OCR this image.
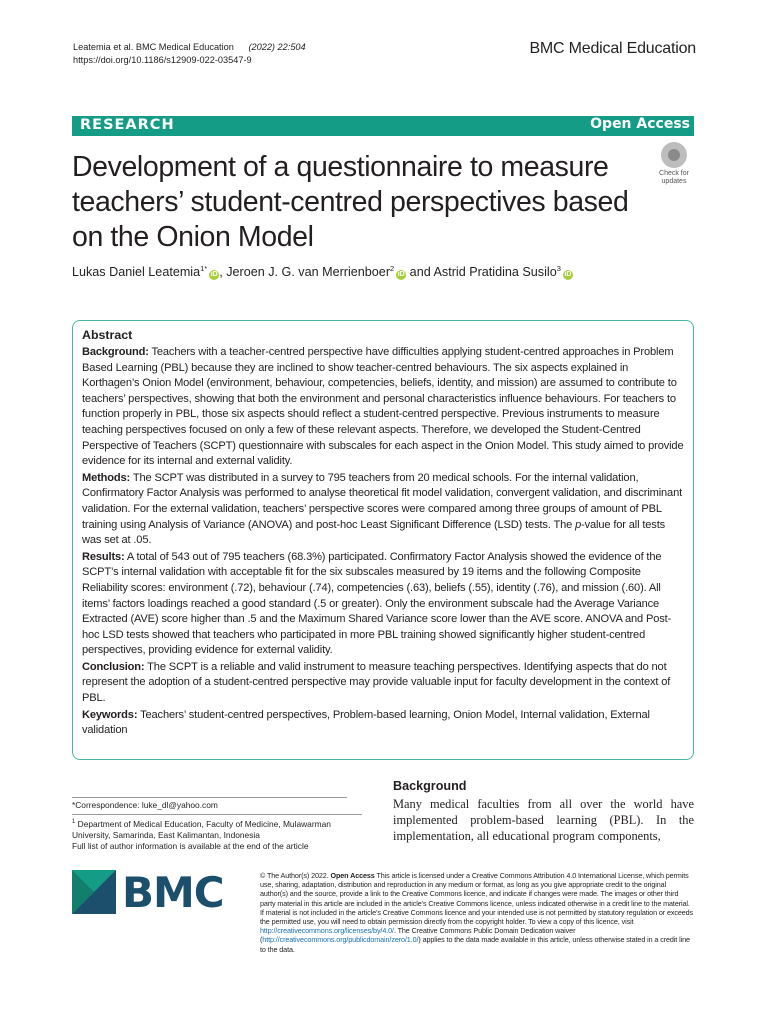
Leatemia et al. BMC Medical Education (2022) 22:504
https://doi.org/10.1186/s12909-022-03547-9
BMC Medical Education
RESEARCH	Open Access
Development of a questionnaire to measure teachers’ student-centred perspectives based on the Onion Model
Check for
updates
Lukas Daniel Leatemia$^{1*}$iD , Jeroen J. G. van Merrienboer$^2$iD and Astrid Pratidina Susilo$^3$iD
Abstract

Background: Teachers with a teacher-centred perspective have difficulties applying student-centred approaches in Problem Based Learning (PBL) because they are inclined to show teacher-centred behaviours. The six aspects explained in Korthagen’s Onion Model (environment, behaviour, competencies, beliefs, identity, and mission) are assumed to contribute to teachers’ perspectives, showing that both the environment and personal characteristics influence behaviours. For teachers to function properly in PBL, those six aspects should reflect a student-centred perspective. Previous instruments to measure teaching perspectives focused on only a few of these relevant aspects. Therefore, we developed the Student-Centred Perspective of Teachers (SCPT) questionnaire with subscales for each aspect in the Onion Model. This study aimed to provide evidence for its internal and external validity.

Methods: The SCPT was distributed in a survey to 795 teachers from 20 medical schools. For the internal validation, Confirmatory Factor Analysis was performed to analyse theoretical fit model validation, convergent validation, and discriminant validation. For the external validation, teachers’ perspective scores were compared among three groups of amount of PBL training using Analysis of Variance (ANOVA) and post-hoc Least Significant Difference (LSD) tests. The p-value for all tests was set at .05.

Results: A total of 543 out of 795 teachers (68.3%) participated. Confirmatory Factor Analysis showed the evidence of the SCPT’s internal validation with acceptable fit for the six subscales measured by 19 items and the following Composite Reliability scores: environment (.72), behaviour (.74), competencies (.63), beliefs (.55), identity (.76), and mission (.60). All items’ factors loadings reached a good standard (.5 or greater). Only the environment subscale had the Average Variance Extracted (AVE) score higher than .5 and the Maximum Shared Variance score lower than the AVE score. ANOVA and Post-hoc LSD tests showed that teachers who participated in more PBL training showed significantly higher student-centred perspectives, providing evidence for external validity.

Conclusion: The SCPT is a reliable and valid instrument to measure teaching perspectives. Identifying aspects that do not represent the adoption of a student-centred perspective may provide valuable input for faculty development in the context of PBL.

Keywords: Teachers’ student-centred perspectives, Problem-based learning, Onion Model, Internal validation, External validation

*Correspondence: luke_dl@yahoo.com
$^1$ Department of Medical Education, Faculty of Medicine, Mulawarman University, Samarinda, East Kalimantan, Indonesia
Full list of author information is available at the end of the article
Background

Many medical faculties from all over the world have implemented problem-based learning (PBL). In the implementation, all educational program components,

BMC	© The Author(s) 2022. Open Access This article is licensed under a Creative Commons Attribution 4.0 International License, which permits use, sharing, adaptation, distribution and reproduction in any medium or format, as long as you give appropriate credit to the original author(s) and the source, provide a link to the Creative Commons licence, and indicate if changes were made. The images or other third party material in this article are included in the article’s Creative Commons licence, unless indicated otherwise in a credit line to the material. If material is not included in the article’s Creative Commons licence and your intended use is not permitted by statutory regulation or exceeds the permitted use, you will need to obtain permission directly from the copyright holder. To view a copy of this licence, visit http://creativecommons.org/licenses/by/4.0/. The Creative Commons Public Domain Dedication waiver (http://creativecommons.org/publicdomain/zero/1.0/) applies to the data made available in this article, unless otherwise stated in a credit line to the data.
